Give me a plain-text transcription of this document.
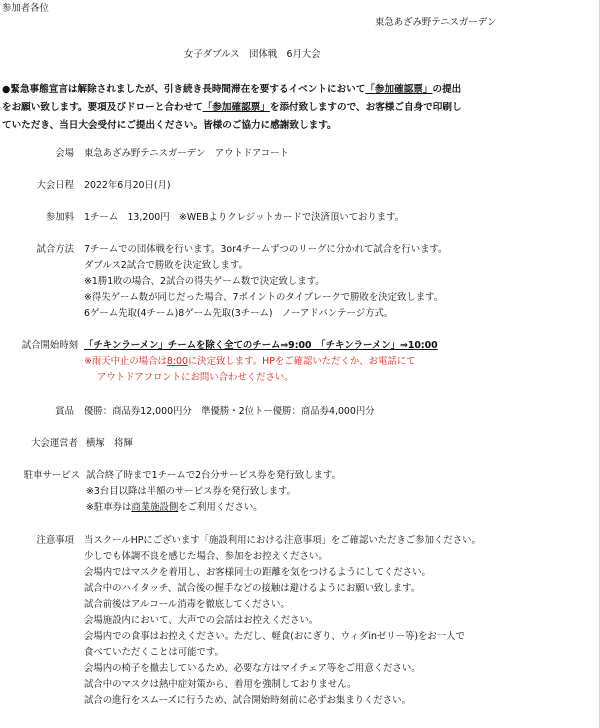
参加者各位
東急あざみ野テニスガーデン
女子ダブルス　団体戦　6月大会
●緊急事態宣言は解除されましたが、引き続き長時間滞在を要するイベントにおいて「参加確認票」の提出
をお願い致します。要項及びドローと合わせて「参加確認票」を添付致しますので、お客様ご自身で印刷し
ていただき、当日大会受付にご提出ください。皆様のご協力に感謝致します。
会場 東急あざみ野テニスガーデン　アウトドアコート
大会日程 2022年6月20日(月)
参加料 1チーム　13,200円　※WEBよりクレジットカードで決済頂いております。
試合方法 7チームでの団体戦を行います。3or4チームずつのリーグに分かれて試合を行います。
ダブルス2試合で勝敗を決定致します。
※1勝1敗の場合、2試合の得失ゲーム数で決定致します。
※得失ゲーム数が同じだった場合、7ポイントのタイブレークで勝敗を決定致します。
6ゲーム先取(4チーム)8ゲーム先取(3チーム)　ノーアドバンテージ方式。
試合開始時刻 「チキンラーメン」チームを除く全てのチーム⇒9:00　 「チキンラーメン」⇒10:00
※雨天中止の場合は8:00に決定致します。HPをご確認いただくか、お電話にて
アウトドアフロントにお問い合わせください。
賞品 優勝：商品券12,000円分　準優勝・2位トー優勝：商品券4,000円分
大会運営者 横塚　将輝
駐車サービス 試合終了時まで1チームで2台分サービス券を発行致します。
※3台目以降は半額のサービス券を発行致します。
※駐車券は商業施設側をご利用ください。
注意事項 当スクールHPにございます「施設利用における注意事項」をご確認いただきご参加ください。
少しでも体調不良を感じた場合、参加をお控えください。
会場内ではマスクを着用し、お客様同士の距離を気をつけるようにしてください。
試合中のハイタッチ、試合後の握手などの接触は避けるようにお願い致します。
試合前後はアルコール消毒を徹底してください。
会場施設内において、大声での会話はお控えください。
会場内での食事はお控えください。ただし、軽食(おにぎり、ウィダinゼリー等)をお一人で
食べていただくことは可能です。
会場内の椅子を撤去しているため、必要な方はマイチェア等をご用意ください。
試合中のマスクは熱中症対策から、着用を強制しておりません。
試合の進行をスムーズに行うため、試合開始時刻前に必ずお集まりください。
